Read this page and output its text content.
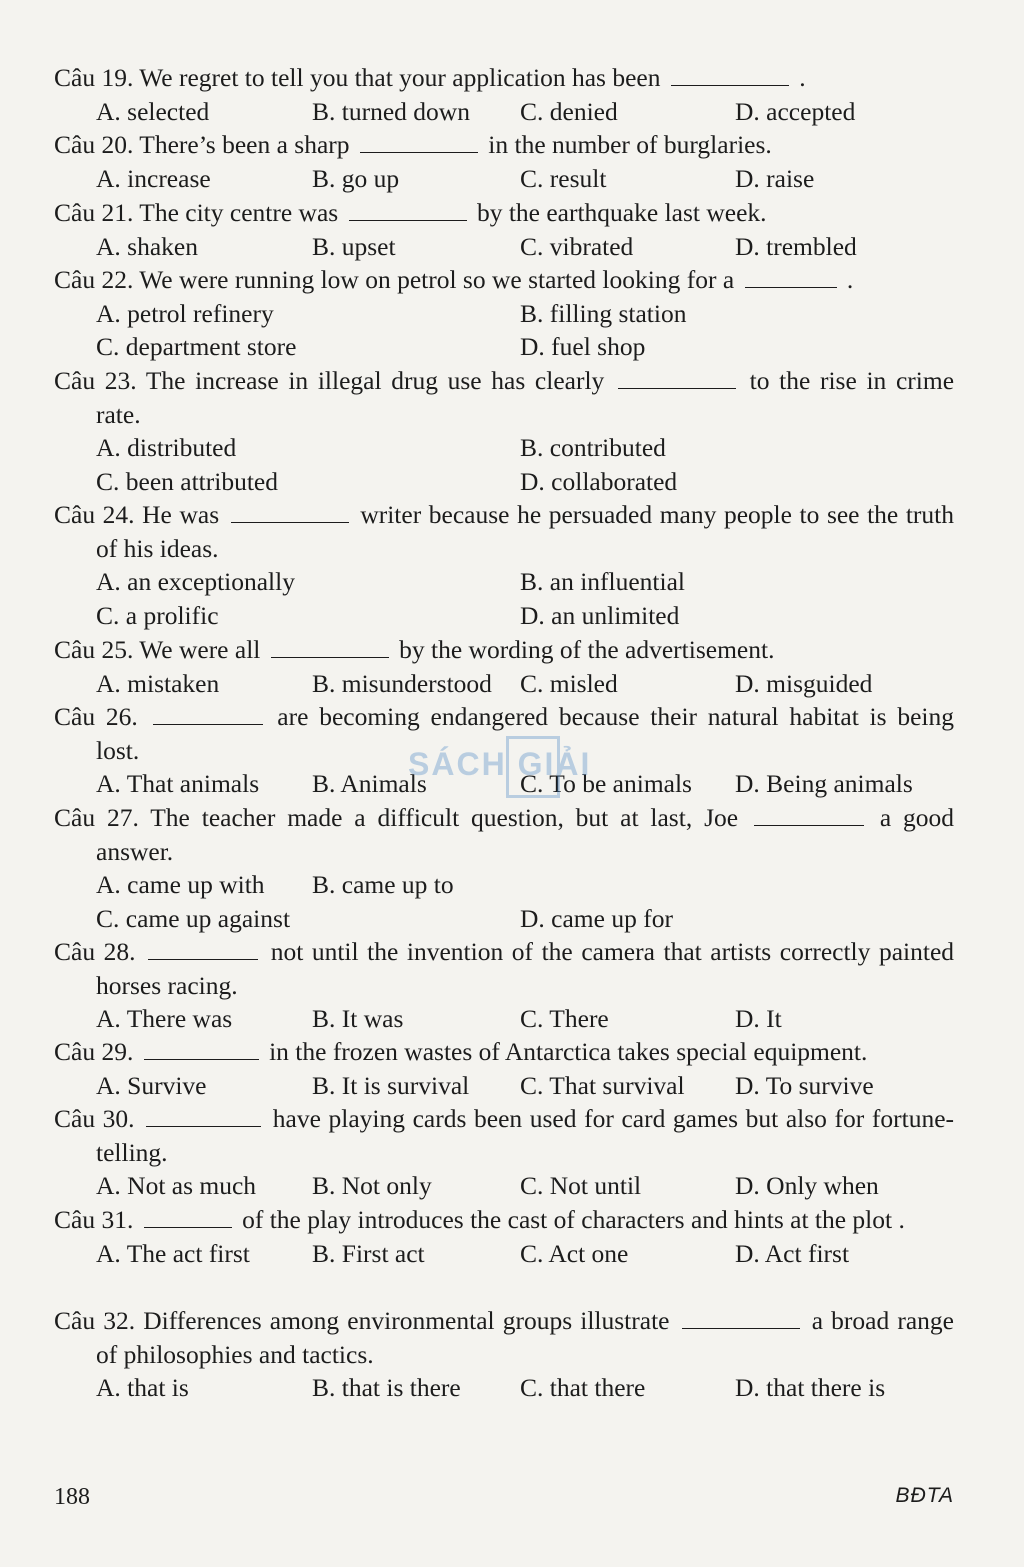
Câu 19. We regret to tell you that your application has been	.

A. selected	B. turned down C. denied	D. accepted

Câu 20. There’s been a sharp	in the number of burglaries.

A. increase	B. go up	C. result	D. raise

Câu 21. The city centre was	by the earthquake last week.

A. shaken	B. upset	C. vibrated	D. trembled

Câu 22. We were running low on petrol so we started looking for a	.

A. petrol refinery	B. filling station
C. department store	D. fuel shop

Câu 23. The increase in illegal drug use has clearly	to the rise in crime rate.

A. distributed	B. contributed
C. been attributed	D. collaborated

Câu 24. He was	writer because he persuaded many people to see the truth of his ideas.

A. an exceptionally	B. an influential
C. a prolific	D. an unlimited

Câu 25. We were all	by the wording of the advertisement.

A. mistaken	B. misunderstood C. misled	D. misguided

Câu 26.	are becoming endangered because their natural habitat is being lost.

A. That animals B. Animals	C. To be animals D. Being animals

Câu 27. The teacher made a difficult question, but at last, Joe	a good answer.

A. came up with B. came up to
C. came up against	D. came up for

Câu 28.	not until the invention of the camera that artists correctly painted horses racing.

A. There was	B. It was	C. There	D. It

Câu 29.	in the frozen wastes of Antarctica takes special equipment.

A. Survive	B. It is survival C. That survival D. To survive

Câu 30.	have playing cards been used for card games but also for fortune-telling.

A. Not as much B. Not only	C. Not until	D. Only when

Câu 31.	of the play introduces the cast of characters and hints at the plot .

A. The act first B. First act	C. Act one	D. Act first

Câu 32. Differences among environmental groups illustrate	a broad range of philosophies and tactics.

A. that is	B. that is there C. that there	D. that there is
SÁCH GIẢI
188	BĐTA
